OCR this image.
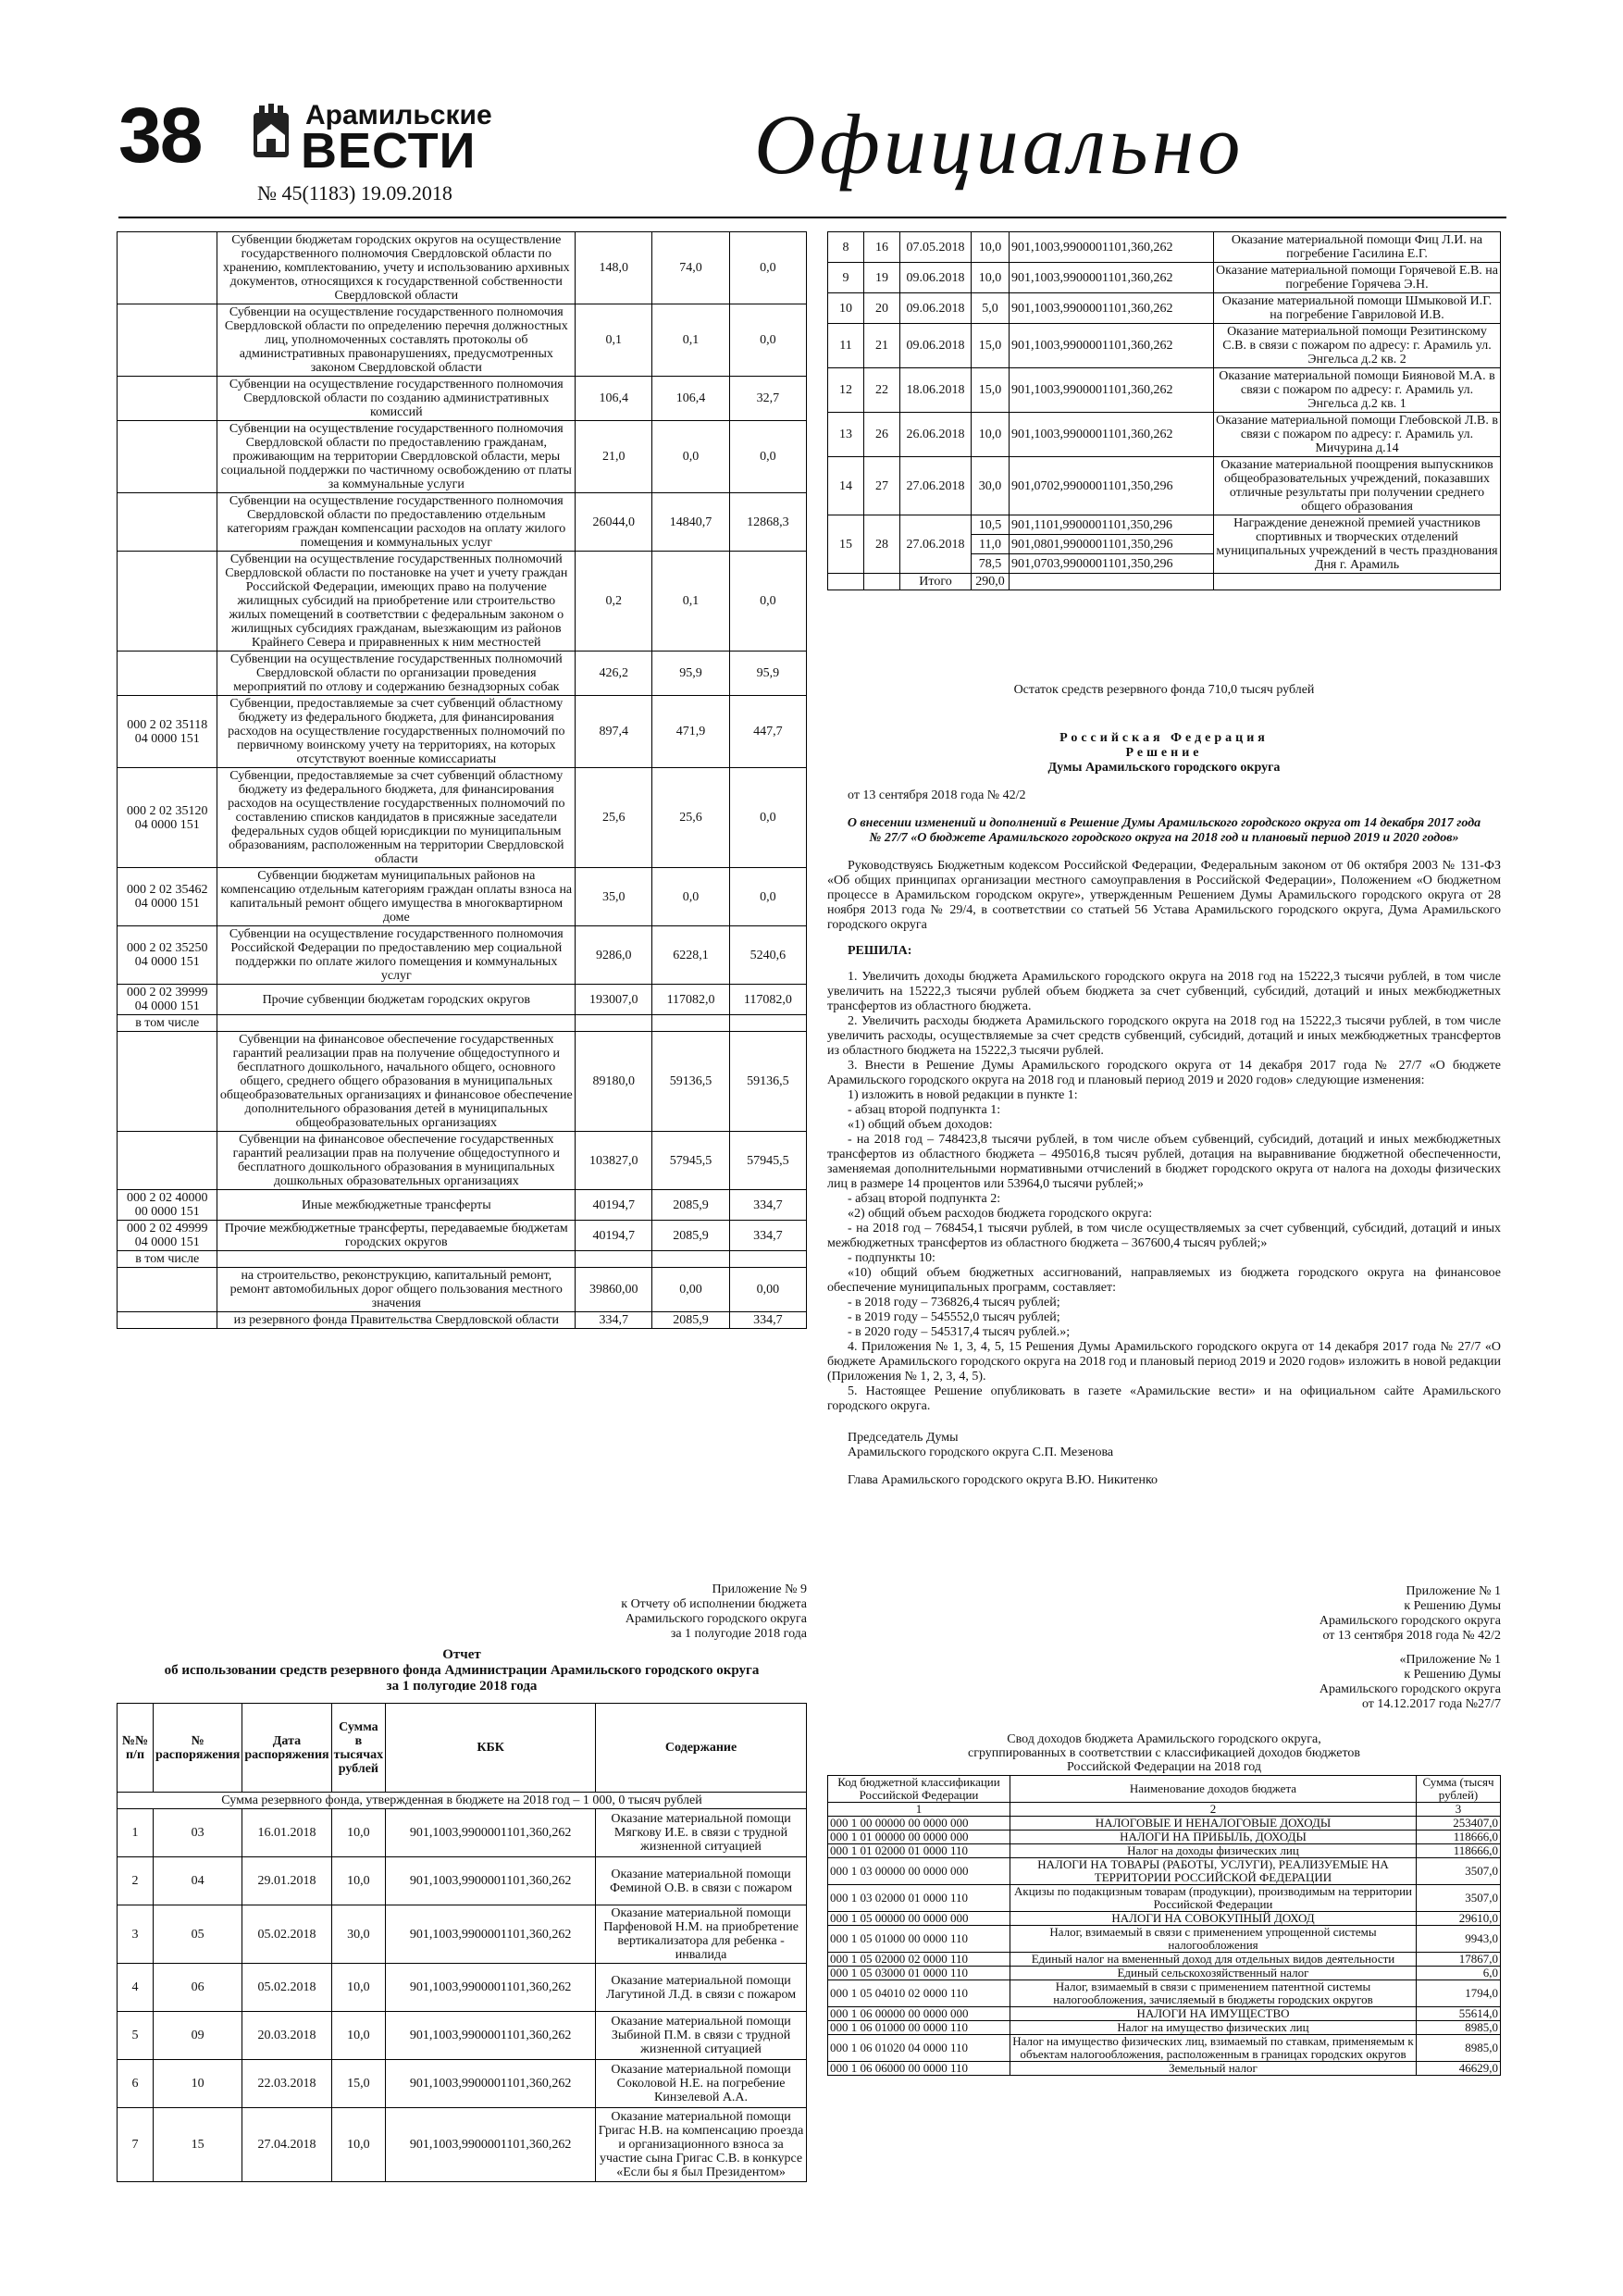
38	Арамильские
ВЕСТИ
№ 45(1183) 19.09.2018
Официально
	Субвенции бюджетам городских округов на осуществление государственного полномочия Свердловской области по хранению, комплектованию, учету и использованию архивных документов, относящихся к государственной собственности Свердловской области	148,0	74,0	0,0
	Субвенции на осуществление государственного полномочия Свердловской области по определению перечня должностных лиц, уполномоченных составлять протоколы об административных правонарушениях, предусмотренных законом Свердловской области	0,1	0,1	0,0
	Субвенции на осуществление государственного полномочия Свердловской области по созданию административных комиссий	106,4	106,4	32,7
	Субвенции на осуществление государственного полномочия Свердловской области по предоставлению гражданам, проживающим на территории Свердловской области, меры социальной поддержки по частичному освобождению от платы за коммунальные услуги	21,0	0,0	0,0
	Субвенции на осуществление государственного полномочия Свердловской области по предоставлению отдельным категориям граждан компенсации расходов на оплату жилого помещения и коммунальных услуг	26044,0	14840,7	12868,3
	Субвенции на осуществление государственных полномочий Свердловской области по постановке на учет и учету граждан Российской Федерации, имеющих право на получение жилищных субсидий на приобретение или строительство жилых помещений в соответствии с федеральным законом о жилищных субсидиях гражданам, выезжающим из районов Крайнего Севера и приравненных к ним местностей	0,2	0,1	0,0
	Субвенции на осуществление государственных полномочий Свердловской области по организации проведения мероприятий по отлову и содержанию безнадзорных собак	426,2	95,9	95,9
000 2 02 35118 04 0000 151	Субвенции, предоставляемые за счет субвенций областному бюджету из федерального бюджета, для финансирования расходов на осуществление государственных полномочий по первичному воинскому учету на территориях, на которых отсутствуют военные комиссариаты	897,4	471,9	447,7
000 2 02 35120 04 0000 151	Субвенции, предоставляемые за счет субвенций областному бюджету из федерального бюджета, для финансирования расходов на осуществление государственных полномочий по составлению списков кандидатов в присяжные заседатели федеральных судов общей юрисдикции по муниципальным образованиям, расположенным на территории Свердловской области	25,6	25,6	0,0
000 2 02 35462 04 0000 151	Субвенции бюджетам муниципальных районов на компенсацию отдельным категориям граждан оплаты взноса на капитальный ремонт общего имущества в многоквартирном доме	35,0	0,0	0,0
000 2 02 35250 04 0000 151	Субвенции на осуществление государственного полномочия Российской Федерации по предоставлению мер социальной поддержки по оплате жилого помещения и коммунальных услуг	9286,0	6228,1	5240,6
000 2 02 39999 04 0000 151	Прочие субвенции бюджетам городских округов	193007,0	117082,0	117082,0
в том числе				
	Субвенции на финансовое обеспечение государственных гарантий реализации прав на получение общедоступного и бесплатного дошкольного, начального общего, основного общего, среднего общего образования в муниципальных общеобразовательных организациях и финансовое обеспечение дополнительного образования детей в муниципальных общеобразовательных организациях	89180,0	59136,5	59136,5
	Субвенции на финансовое обеспечение государственных гарантий реализации прав на получение общедоступного и бесплатного дошкольного образования в муниципальных дошкольных образовательных организациях	103827,0	57945,5	57945,5
000 2 02 40000 00 0000 151	Иные межбюджетные трансферты	40194,7	2085,9	334,7
000 2 02 49999 04 0000 151	Прочие межбюджетные трансферты, передаваемые бюджетам городских округов	40194,7	2085,9	334,7
в том числе				
	на строительство, реконструкцию, капитальный ремонт, ремонт автомобильных дорог общего пользования местного значения	39860,00	0,00	0,00
	из резервного фонда Правительства Свердловской области	334,7	2085,9	334,7
Приложение № 9
к Отчету об исполнении бюджета
Арамильского городского округа
за 1 полугодие 2018 года
Отчет
об использовании средств резервного фонда Администрации Арамильского городского округа
за 1 полугодие 2018 года
№№ п/п	№ распоряжения	Дата распоряжения	Сумма в тысячах рублей	КБК	Содержание
Сумма резервного фонда, утвержденная в бюджете на 2018 год – 1 000, 0 тысяч рублей					
1	03	16.01.2018	10,0	901,1003,9900001101,360,262	Оказание материальной помощи Мягкову И.Е. в связи с трудной жизненной ситуацией
2	04	29.01.2018	10,0	901,1003,9900001101,360,262	Оказание материальной помощи Феминой О.В. в связи с пожаром
3	05	05.02.2018	30,0	901,1003,9900001101,360,262	Оказание материальной помощи Парфеновой Н.М. на приобретение вертикализатора для ребенка - инвалида
4	06	05.02.2018	10,0	901,1003,9900001101,360,262	Оказание материальной помощи Лагутиной Л.Д. в связи с пожаром
5	09	20.03.2018	10,0	901,1003,9900001101,360,262	Оказание материальной помощи Зыбиной П.М. в связи с трудной жизненной ситуацией
6	10	22.03.2018	15,0	901,1003,9900001101,360,262	Оказание материальной помощи Соколовой Н.Е. на погребение Кинзелевой А.А.
7	15	27.04.2018	10,0	901,1003,9900001101,360,262	Оказание материальной помощи Григас Н.В. на компенсацию проезда и организационного взноса за участие сына Григас С.В. в конкурсе «Если бы я был Президентом»
8	16	07.05.2018	10,0	901,1003,9900001101,360,262	Оказание материальной помощи Фиц Л.И. на погребение Гасилина Е.Г.
9	19	09.06.2018	10,0	901,1003,9900001101,360,262	Оказание материальной помощи Горячевой Е.В. на погребение Горячева Э.Н.
10	20	09.06.2018	5,0	901,1003,9900001101,360,262	Оказание материальной помощи Шмыковой И.Г. на погребение Гавриловой И.В.
11	21	09.06.2018	15,0	901,1003,9900001101,360,262	Оказание материальной помощи Резитинскому С.В. в связи с пожаром по адресу: г. Арамиль ул. Энгельса д.2 кв. 2
12	22	18.06.2018	15,0	901,1003,9900001101,360,262	Оказание материальной помощи Бияновой М.А. в связи с пожаром по адресу: г. Арамиль ул. Энгельса д.2 кв. 1
13	26	26.06.2018	10,0	901,1003,9900001101,360,262	Оказание материальной помощи Глебовской Л.В. в связи с пожаром по адресу: г. Арамиль ул. Мичурина д.14
14	27	27.06.2018	30,0	901,0702,9900001101,350,296	Оказание материальной поощрения выпускников общеобразовательных учреждений, показавших отличные результаты при получении среднего общего образования
15	28	27.06.2018	10,5	901,1101,9900001101,350,296	Награждение денежной премией участников спортивных и творческих отделений муниципальных учреждений в честь празднования Дня г. Арамиль
			11,0	901,0801,9900001101,350,296	
			78,5	901,0703,9900001101,350,296	
		Итого	290,0		
Остаток средств резервного фонда 710,0 тысяч рублей

Российская Федерация

Решение

Думы Арамильского городского округа

от 13 сентября 2018 года № 42/2

О внесении изменений и дополнений в Решение Думы Арамильского городского округа от 14 декабря 2017 года № 27/7 «О бюджете Арамильского городского округа на 2018 год и плановый период 2019 и 2020 годов»

Руководствуясь Бюджетным кодексом Российской Федерации, Федеральным законом от 06 октября 2003 № 131-ФЗ «Об общих принципах организации местного самоуправления в Российской Федерации», Положением «О бюджетном процессе в Арамильском городском округе», утвержденным Решением Думы Арамильского городского округа от 28 ноября 2013 года № 29/4, в соответствии со статьей 56 Устава Арамильского городского округа, Дума Арамильского городского округа

РЕШИЛА:

1. Увеличить доходы бюджета Арамильского городского округа на 2018 год на 15222,3 тысячи рублей, в том числе увеличить на 15222,3 тысячи рублей объем бюджета за счет субвенций, субсидий, дотаций и иных межбюджетных трансфертов из областного бюджета.

2. Увеличить расходы бюджета Арамильского городского округа на 2018 год на 15222,3 тысячи рублей, в том числе увеличить расходы, осуществляемые за счет средств субвенций, субсидий, дотаций и иных межбюджетных трансфертов из областного бюджета на 15222,3 тысячи рублей.

3. Внести в Решение Думы Арамильского городского округа от 14 декабря 2017 года № 27/7 «О бюджете Арамильского городского округа на 2018 год и плановый период 2019 и 2020 годов» следующие изменения:

1) изложить в новой редакции в пункте 1:

- абзац второй подпункта 1:

«1) общий объем доходов:

- на 2018 год – 748423,8 тысячи рублей, в том числе объем субвенций, субсидий, дотаций и иных межбюджетных трансфертов из областного бюджета – 495016,8 тысяч рублей, дотация на выравнивание бюджетной обеспеченности, заменяемая дополнительными нормативными отчислений в бюджет городского округа от налога на доходы физических лиц в размере 14 процентов или 53964,0 тысячи рублей;»

- абзац второй подпункта 2:

«2) общий объем расходов бюджета городского округа:

- на 2018 год – 768454,1 тысячи рублей, в том числе осуществляемых за счет субвенций, субсидий, дотаций и иных межбюджетных трансфертов из областного бюджета – 367600,4 тысяч рублей;»

- подпункты 10:

«10) общий объем бюджетных ассигнований, направляемых из бюджета городского округа на финансовое обеспечение муниципальных программ, составляет:

- в 2018 году – 736826,4 тысяч рублей;

- в 2019 году – 545552,0 тысяч рублей;

- в 2020 году – 545317,4 тысяч рублей.»;

4. Приложения № 1, 3, 4, 5, 15 Решения Думы Арамильского городского округа от 14 декабря 2017 года № 27/7 «О бюджете Арамильского городского округа на 2018 год и плановый период 2019 и 2020 годов» изложить в новой редакции (Приложения № 1, 2, 3, 4, 5).

5. Настоящее Решение опубликовать в газете «Арамильские вести» и на официальном сайте Арамильского городского округа.

Председатель Думы

Арамильского городского округа С.П. Мезенова

Глава Арамильского городского округа В.Ю. Никитенко

Приложение № 1
к Решению Думы
Арамильского городского округа
от 13 сентября 2018 года № 42/2
«Приложение № 1
к Решению Думы
Арамильского городского округа
от 14.12.2017 года №27/7
Свод доходов бюджета Арамильского городского округа,
сгруппированных в соответствии с классификацией доходов бюджетов
Российской Федерации на 2018 год
Код бюджетной классификации Российской Федерации	Наименование доходов бюджета	Сумма (тысяч рублей)
1	2	3
000 1 00 00000 00 0000 000	НАЛОГОВЫЕ И НЕНАЛОГОВЫЕ ДОХОДЫ	253407,0
000 1 01 00000 00 0000 000	НАЛОГИ НА ПРИБЫЛЬ, ДОХОДЫ	118666,0
000 1 01 02000 01 0000 110	Налог на доходы физических лиц	118666,0
000 1 03 00000 00 0000 000	НАЛОГИ НА ТОВАРЫ (РАБОТЫ, УСЛУГИ), РЕАЛИЗУЕМЫЕ НА ТЕРРИТОРИИ РОССИЙСКОЙ ФЕДЕРАЦИИ	3507,0
000 1 03 02000 01 0000 110	Акцизы по подакцизным товарам (продукции), производимым на территории Российской Федерации	3507,0
000 1 05 00000 00 0000 000	НАЛОГИ НА СОВОКУПНЫЙ ДОХОД	29610,0
000 1 05 01000 00 0000 110	Налог, взимаемый в связи с применением упрощенной системы налогообложения	9943,0
000 1 05 02000 02 0000 110	Единый налог на вмененный доход для отдельных видов деятельности	17867,0
000 1 05 03000 01 0000 110	Единый сельскохозяйственный налог	6,0
000 1 05 04010 02 0000 110	Налог, взимаемый в связи с применением патентной системы налогообложения, зачисляемый в бюджеты городских округов	1794,0
000 1 06 00000 00 0000 000	НАЛОГИ НА ИМУЩЕСТВО	55614,0
000 1 06 01000 00 0000 110	Налог на имущество физических лиц	8985,0
000 1 06 01020 04 0000 110	Налог на имущество физических лиц, взимаемый по ставкам, применяемым к объектам налогообложения, расположенным в границах городских округов	8985,0
000 1 06 06000 00 0000 110	Земельный налог	46629,0
